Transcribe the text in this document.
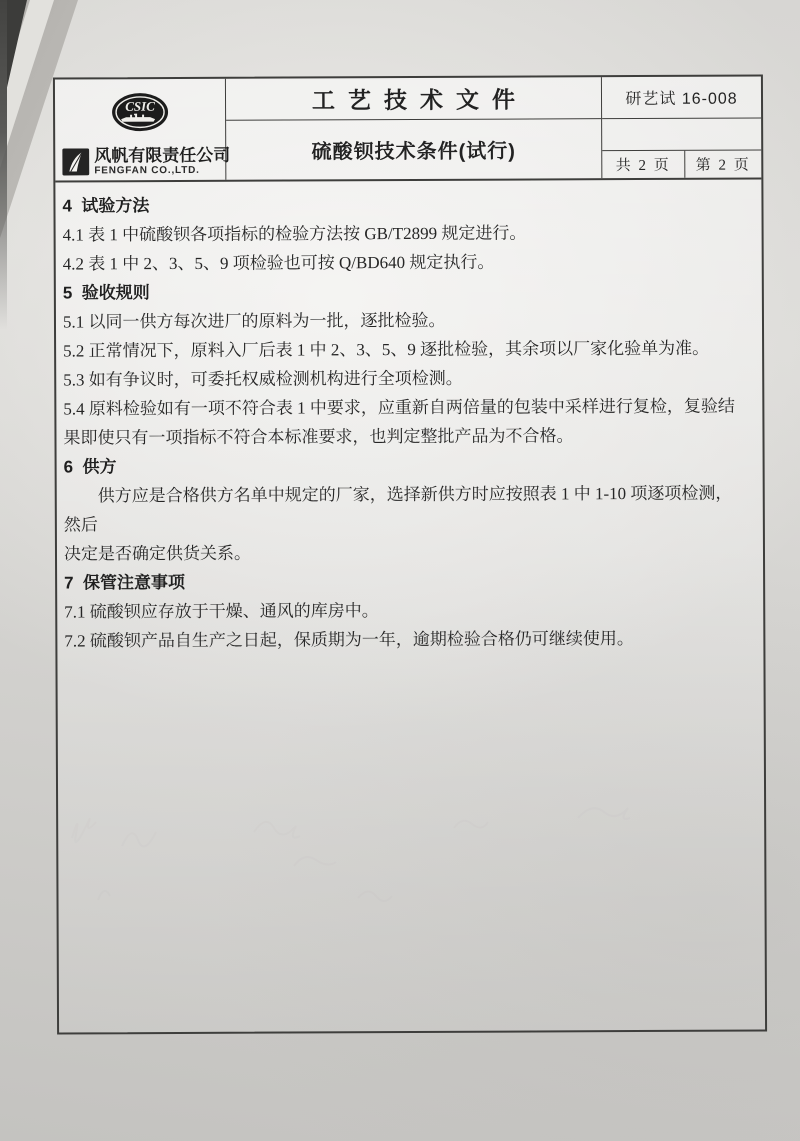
CSIC
风帆有限责任公司
FENGFAN CO.,LTD.
工艺技术文件
硫酸钡技术条件(试行)
研艺试 16-008
共 2 页	第 2 页

4  试验方法

4.1 表 1 中硫酸钡各项指标的检验方法按 GB/T2899 规定进行。

4.2 表 1 中 2、3、5、9 项检验也可按 Q/BD640 规定执行。

5  验收规则

5.1 以同一供方每次进厂的原料为一批，逐批检验。

5.2 正常情况下，原料入厂后表 1 中 2、3、5、9 逐批检验，其余项以厂家化验单为准。

5.3 如有争议时，可委托权威检测机构进行全项检测。

5.4 原料检验如有一项不符合表 1 中要求，应重新自两倍量的包装中采样进行复检，复验结

果即使只有一项指标不符合本标准要求，也判定整批产品为不合格。

6  供方

　　供方应是合格供方名单中规定的厂家，选择新供方时应按照表 1 中 1-10 项逐项检测，然后

决定是否确定供货关系。

7  保管注意事项

7.1 硫酸钡应存放于干燥、通风的库房中。

7.2 硫酸钡产品自生产之日起，保质期为一年，逾期检验合格仍可继续使用。
